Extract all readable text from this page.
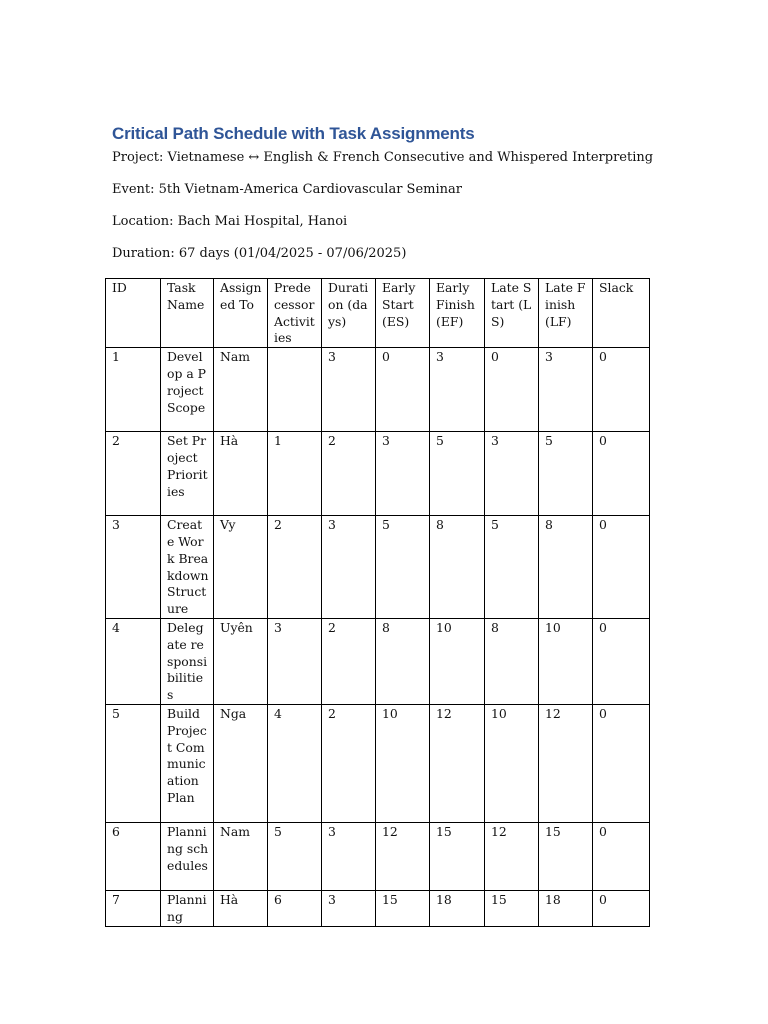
Critical Path Schedule with Task Assignments
Project: Vietnamese ↔ English & French Consecutive and Whispered Interpreting
Event: 5th Vietnam-America Cardiovascular Seminar
Location: Bach Mai Hospital, Hanoi
Duration: 67 days (01/04/2025 - 07/06/2025)
ID	Task Name	Assigned To	Predecessor Activities	Duration (days)	Early Start (ES)	Early Finish (EF)	Late Start (LS)	Late Finish (LF)	Slack
1	Develop a Project Scope	Nam		3	0	3	0	3	0
2	Set Project Priorities	Hà	1	2	3	5	3	5	0
3	Create Work Breakdown Structure	Vy	2	3	5	8	5	8	0
4	Delegate responsibilities	Uyên	3	2	8	10	8	10	0
5	Build Project Communication Plan	Nga	4	2	10	12	10	12	0
6	Planning schedules	Nam	5	3	12	15	12	15	0
7	Planning	Hà	6	3	15	18	15	18	0
